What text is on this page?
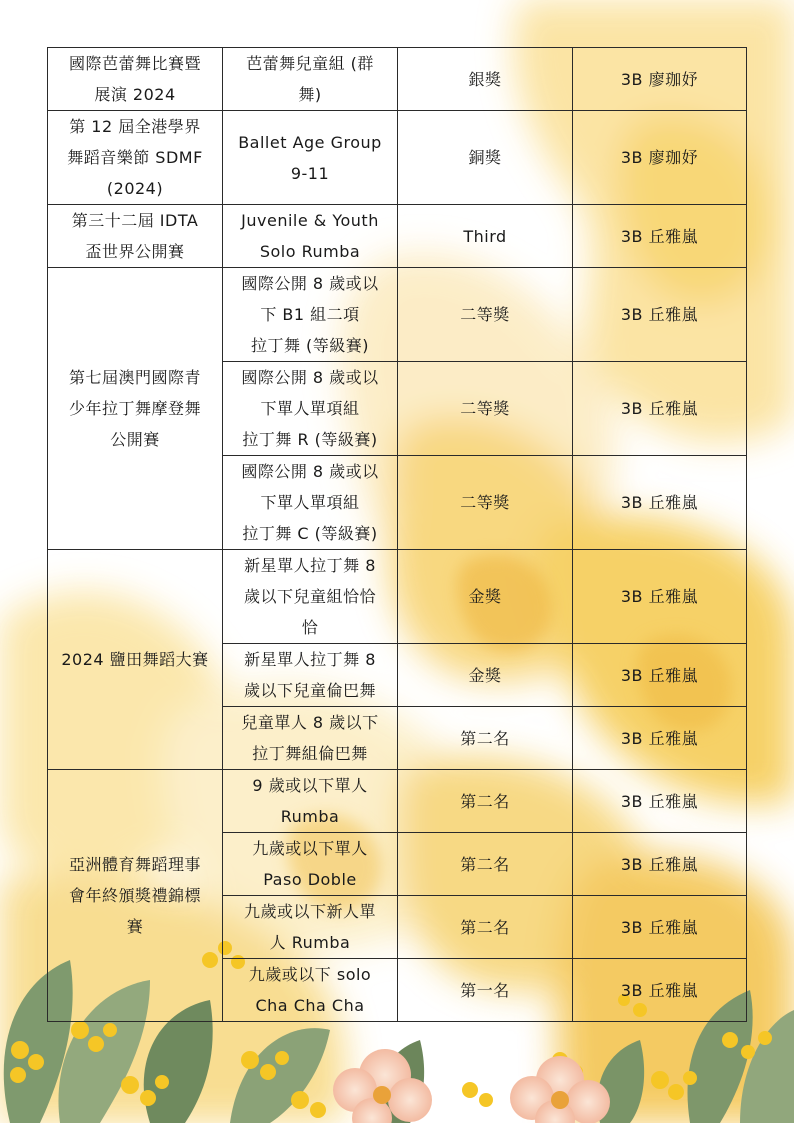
國際芭蕾舞比賽暨
展演 2024	芭蕾舞兒童組 (群
舞)	銀獎	3B 廖珈妤

第 12 屆全港學界
舞蹈音樂節 SDMF
(2024)	Ballet Age Group
9-11	銅獎	3B 廖珈妤

第三十二屆 IDTA
盃世界公開賽	Juvenile & Youth
Solo Rumba	Third	3B 丘雅嵐

第七屆澳門國際青
少年拉丁舞摩登舞
公開賽	國際公開 8 歲或以
下 B1 組二項
拉丁舞 (等級賽)	二等獎	3B 丘雅嵐

	國際公開 8 歲或以
下單人單項組
拉丁舞 R (等級賽)	二等獎	3B 丘雅嵐

	國際公開 8 歲或以
下單人單項組
拉丁舞 C (等級賽)	二等獎	3B 丘雅嵐

2024 鹽田舞蹈大賽	新星單人拉丁舞 8
歲以下兒童組恰恰
恰	金獎	3B 丘雅嵐

	新星單人拉丁舞 8
歲以下兒童倫巴舞	金獎	3B 丘雅嵐

	兒童單人 8 歲以下
拉丁舞組倫巴舞	第二名	3B 丘雅嵐

亞洲體育舞蹈理事
會年終頒獎禮錦標
賽	9 歲或以下單人
Rumba	第二名	3B 丘雅嵐

	九歲或以下單人
Paso Doble	第二名	3B 丘雅嵐

	九歲或以下新人單
人 Rumba	第二名	3B 丘雅嵐

	九歲或以下 solo
Cha Cha Cha	第一名	3B 丘雅嵐
